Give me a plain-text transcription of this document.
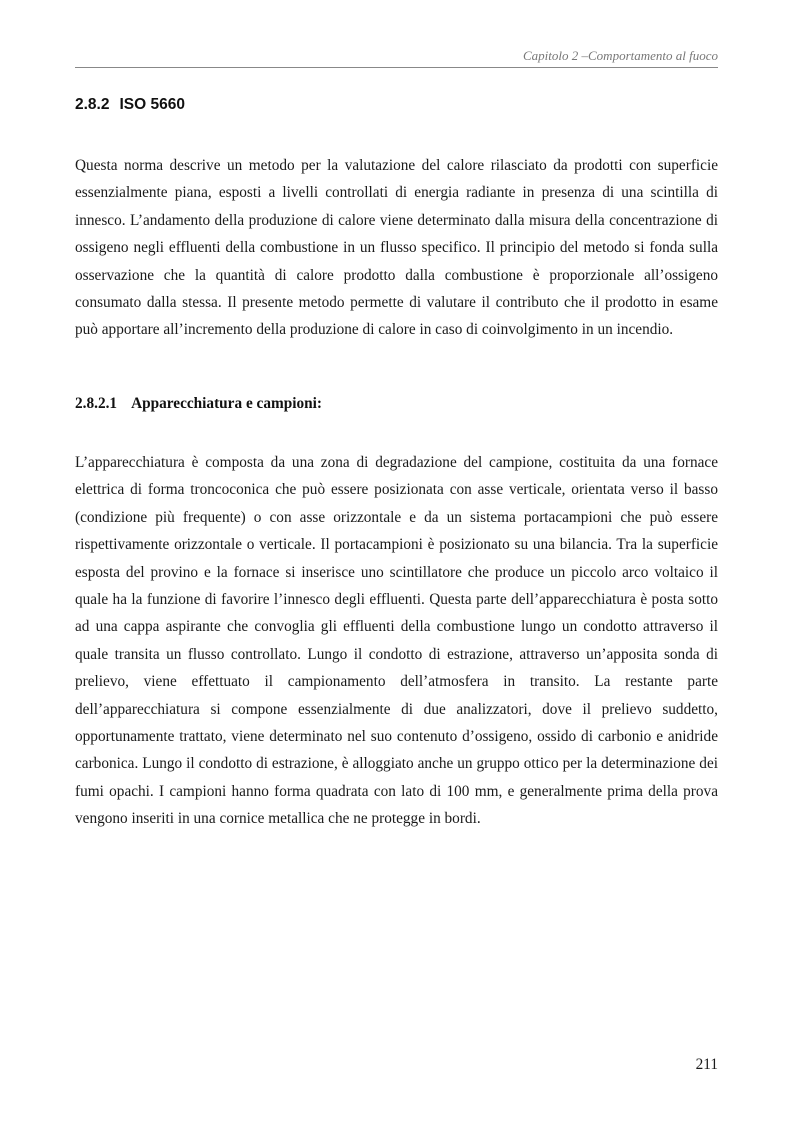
Capitolo 2 –Comportamento al fuoco
2.8.2 ISO 5660

Questa norma descrive un metodo per la valutazione del calore rilasciato da prodotti con superficie essenzialmente piana, esposti a livelli controllati di energia radiante in presenza di una scintilla di innesco. L’andamento della produzione di calore viene determinato dalla misura della concentrazione di ossigeno negli effluenti della combustione in un flusso specifico. Il principio del metodo si fonda sulla osservazione che la quantità di calore prodotto dalla combustione è proporzionale all’ossigeno consumato dalla stessa. Il presente metodo permette di valutare il contributo che il prodotto in esame può apportare all’incremento della produzione di calore in caso di coinvolgimento in un incendio.

2.8.2.1 Apparecchiatura e campioni:

L’apparecchiatura è composta da una zona di degradazione del campione, costituita da una fornace elettrica di forma troncoconica che può essere posizionata con asse verticale, orientata verso il basso (condizione più frequente) o con asse orizzontale e da un sistema portacampioni che può essere rispettivamente orizzontale o verticale. Il portacampioni è posizionato su una bilancia. Tra la superficie esposta del provino e la fornace si inserisce uno scintillatore che produce un piccolo arco voltaico il quale ha la funzione di favorire l’innesco degli effluenti. Questa parte dell’apparecchiatura è posta sotto ad una cappa aspirante che convoglia gli effluenti della combustione lungo un condotto attraverso il quale transita un flusso controllato. Lungo il condotto di estrazione, attraverso un’apposita sonda di prelievo, viene effettuato il campionamento dell’atmosfera in transito. La restante parte dell’apparecchiatura si compone essenzialmente di due analizzatori, dove il prelievo suddetto, opportunamente trattato, viene determinato nel suo contenuto d’ossigeno, ossido di carbonio e anidride carbonica. Lungo il condotto di estrazione, è alloggiato anche un gruppo ottico per la determinazione dei fumi opachi. I campioni hanno forma quadrata con lato di 100 mm, e generalmente prima della prova vengono inseriti in una cornice metallica che ne protegge in bordi.

211
